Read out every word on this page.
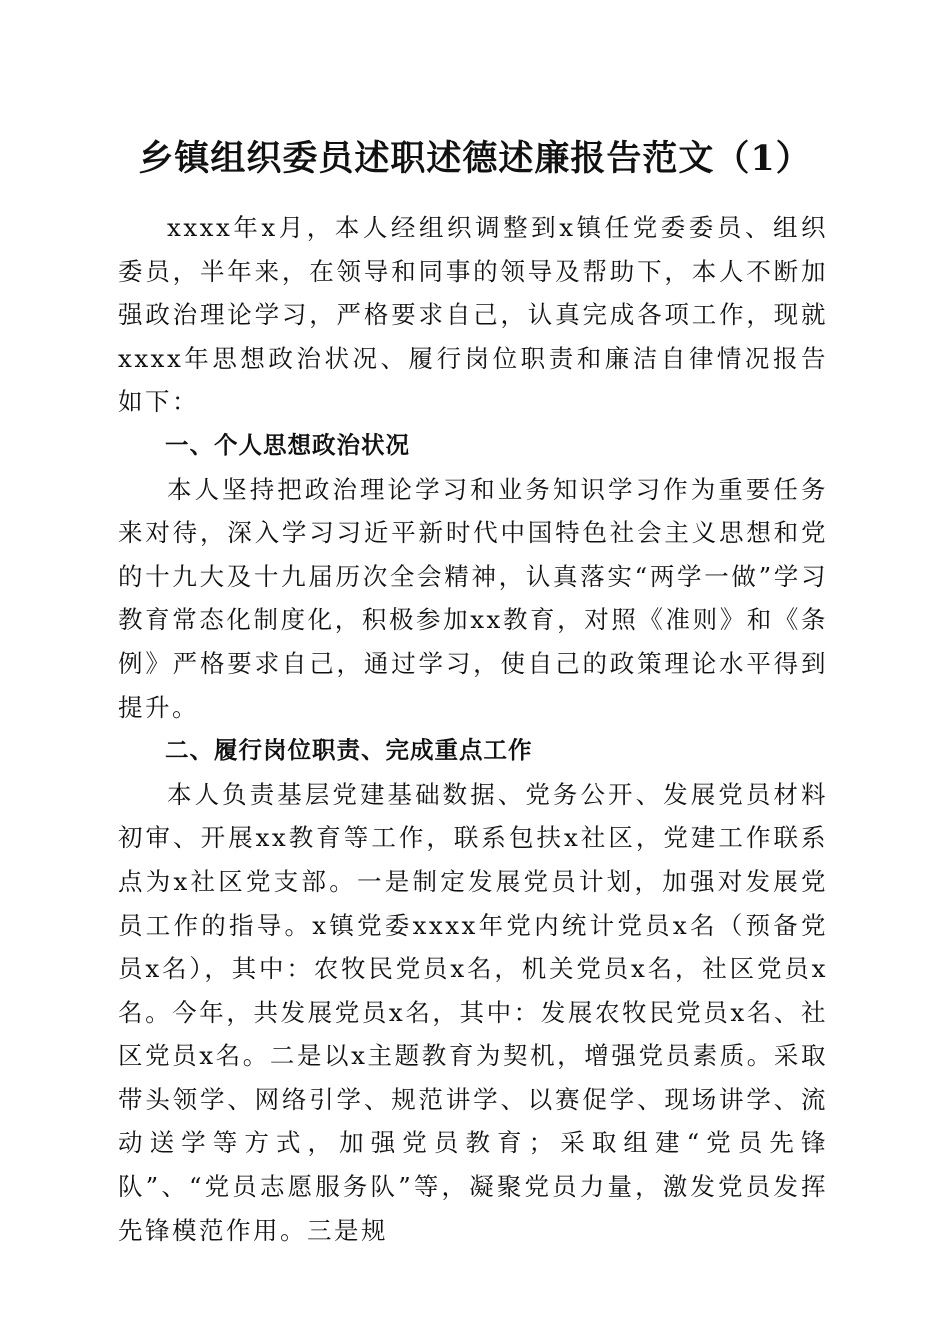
乡镇组织委员述职述德述廉报告范文（1）

xxxx年x月，本人经组织调整到x镇任党委委员、组织委员，半年来，在领导和同事的领导及帮助下，本人不断加强政治理论学习，严格要求自己，认真完成各项工作，现就xxxx年思想政治状况、履行岗位职责和廉洁自律情况报告如下：

一、个人思想政治状况

本人坚持把政治理论学习和业务知识学习作为重要任务来对待，深入学习习近平新时代中国特色社会主义思想和党的十九大及十九届历次全会精神，认真落实“两学一做”学习教育常态化制度化，积极参加xx教育，对照《准则》和《条例》严格要求自己，通过学习，使自己的政策理论水平得到提升。

二、履行岗位职责、完成重点工作

本人负责基层党建基础数据、党务公开、发展党员材料初审、开展xx教育等工作，联系包扶x社区，党建工作联系点为x社区党支部。一是制定发展党员计划，加强对发展党员工作的指导。x镇党委xxxx年党内统计党员x名（预备党员x名），其中：农牧民党员x名，机关党员x名，社区党员x名。今年，共发展党员x名，其中：发展农牧民党员x名、社区党员x名。二是以x主题教育为契机，增强党员素质。采取带头领学、网络引学、规范讲学、以赛促学、现场讲学、流动送学等方式，加强党员教育；采取组建“党员先锋队”、“党员志愿服务队”等，凝聚党员力量，激发党员发挥先锋模范作用。三是规
